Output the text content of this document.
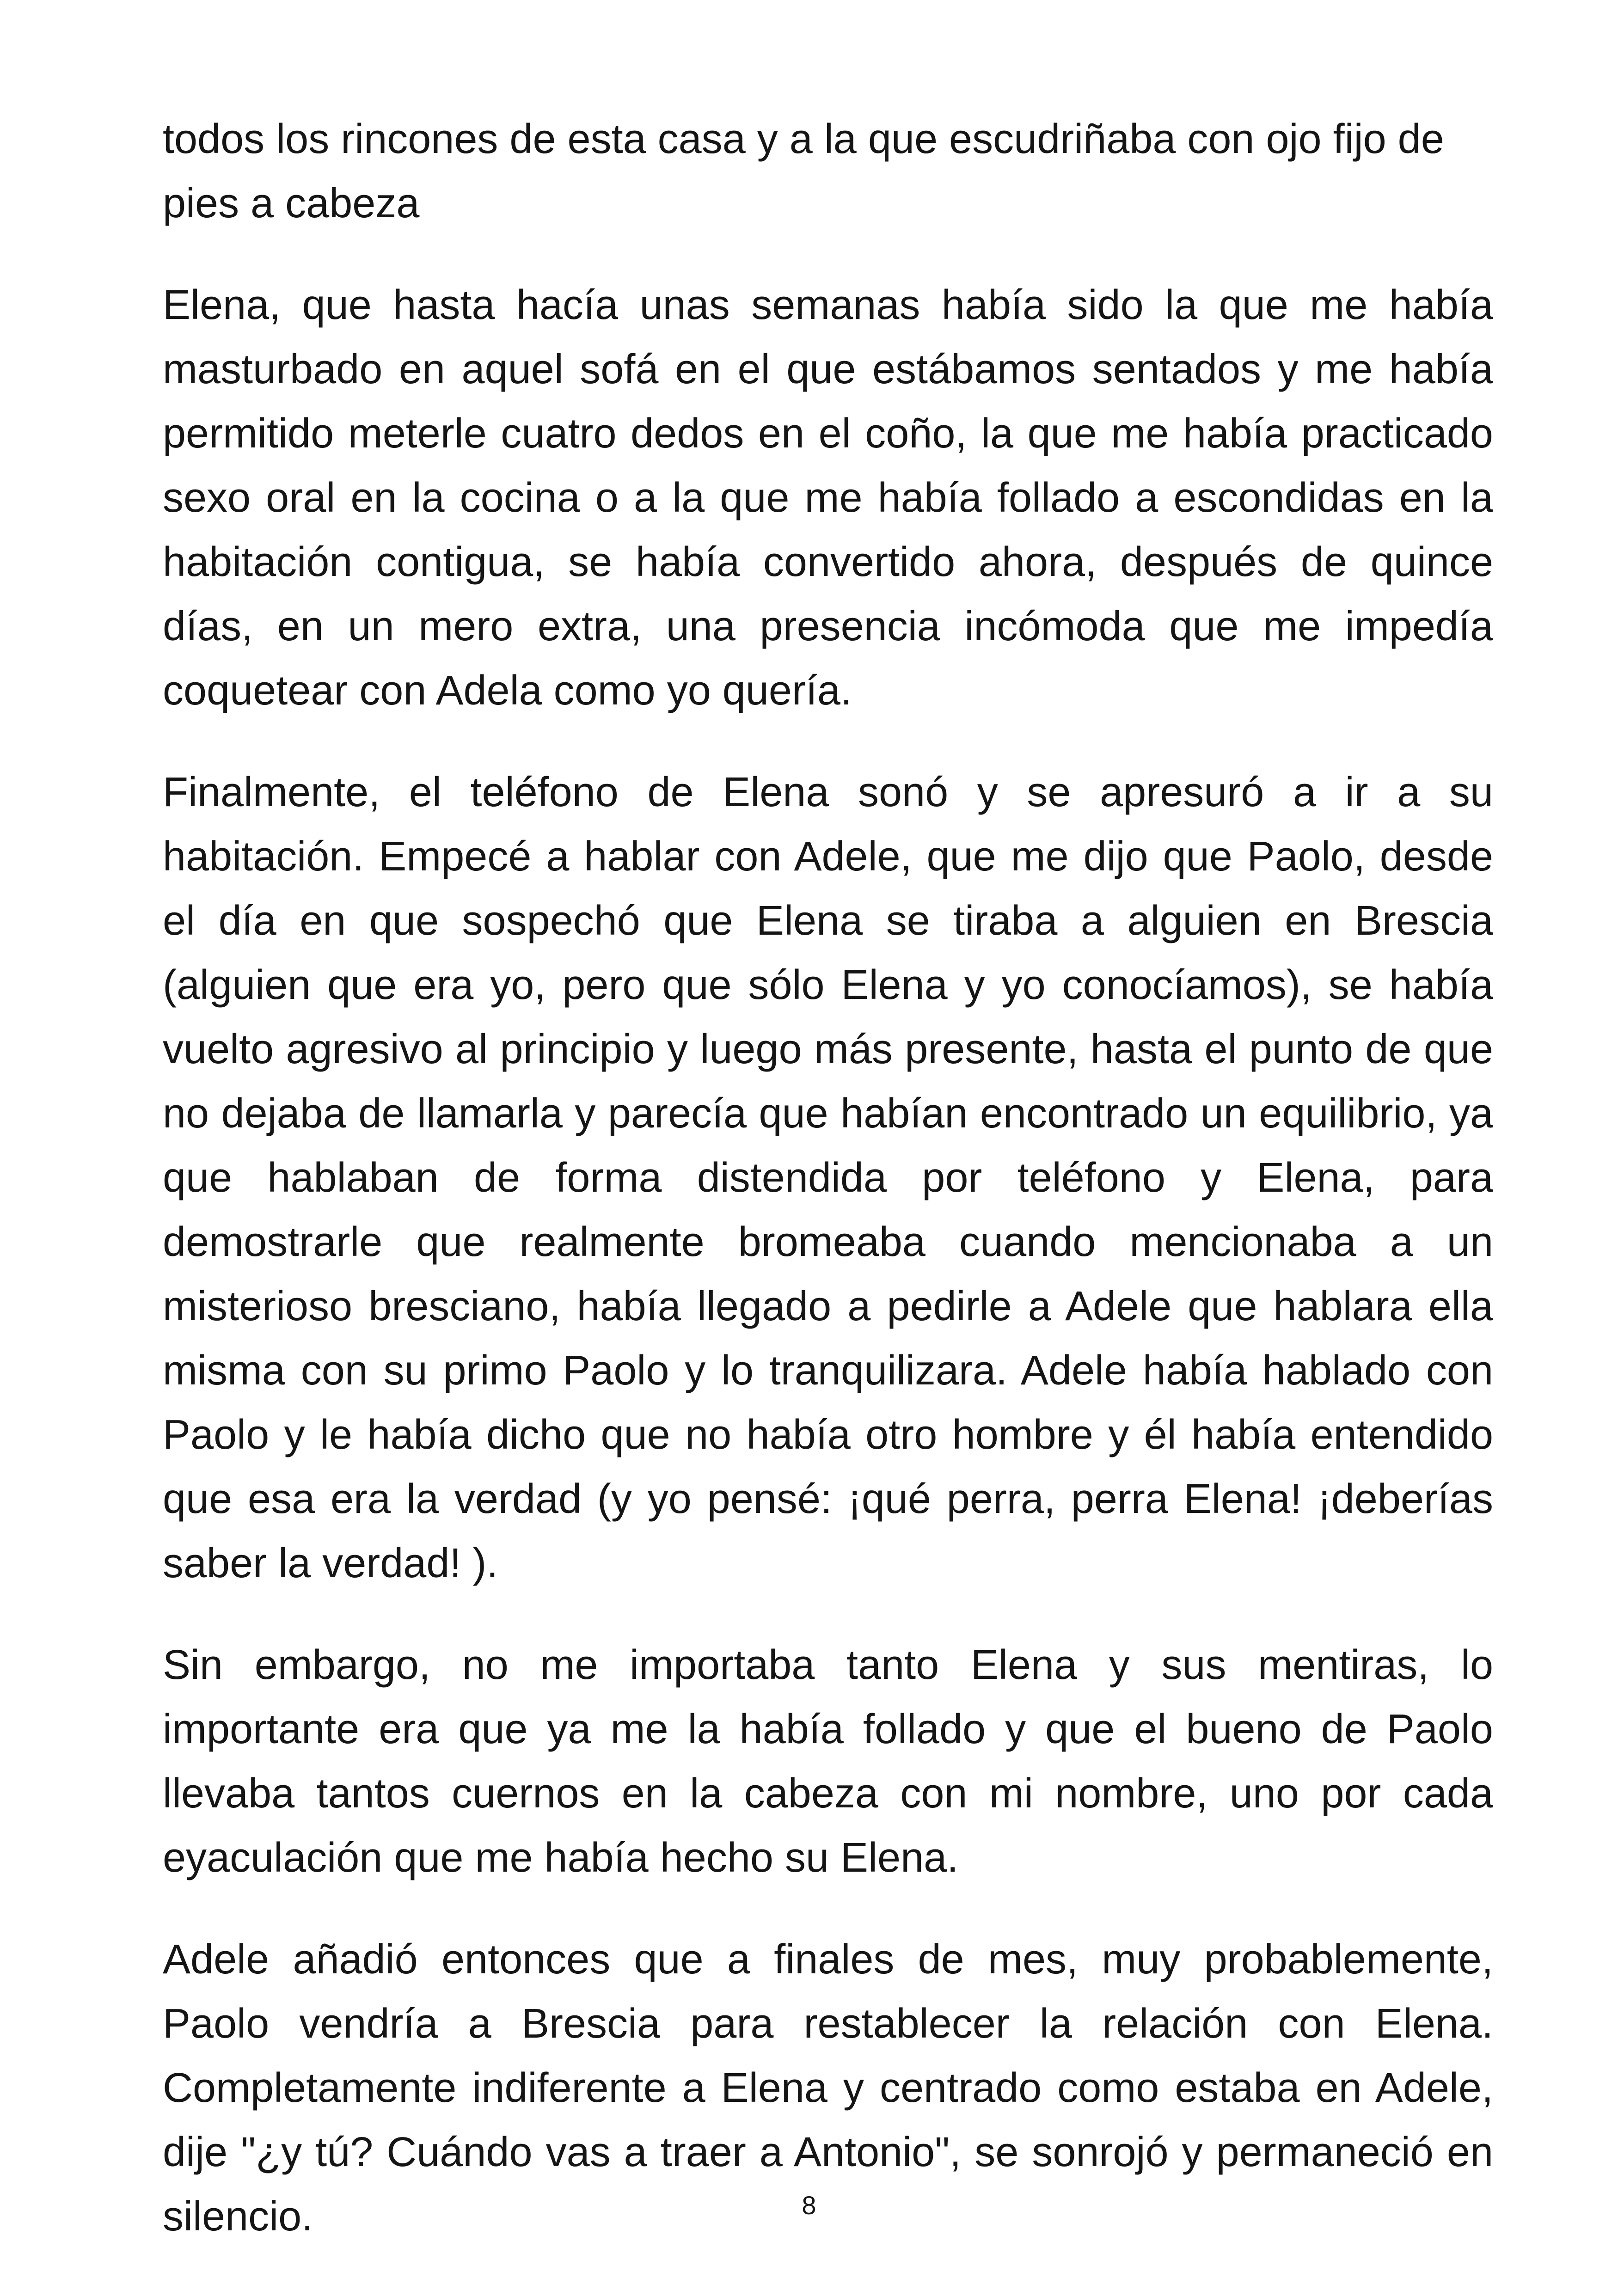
todos los rincones de esta casa y a la que escudriñaba con ojo fijo de pies a cabeza

Elena, que hasta hacía unas semanas había sido la que me había masturbado en aquel sofá en el que estábamos sentados y me había permitido meterle cuatro dedos en el coño, la que me había practicado sexo oral en la cocina o a la que me había follado a escondidas en la habitación contigua, se había convertido ahora, después de quince días, en un mero extra, una presencia incómoda que me impedía coquetear con Adela como yo quería.

Finalmente, el teléfono de Elena sonó y se apresuró a ir a su habitación. Empecé a hablar con Adele, que me dijo que Paolo, desde el día en que sospechó que Elena se tiraba a alguien en Brescia (alguien que era yo, pero que sólo Elena y yo conocíamos), se había vuelto agresivo al principio y luego más presente, hasta el punto de que no dejaba de llamarla y parecía que habían encontrado un equilibrio, ya que hablaban de forma distendida por teléfono y Elena, para demostrarle que realmente bromeaba cuando mencionaba a un misterioso bresciano, había llegado a pedirle a Adele que hablara ella misma con su primo Paolo y lo tranquilizara. Adele había hablado con Paolo y le había dicho que no había otro hombre y él había entendido que esa era la verdad (y yo pensé: ¡qué perra, perra Elena! ¡deberías saber la verdad! ).

Sin embargo, no me importaba tanto Elena y sus mentiras, lo importante era que ya me la había follado y que el bueno de Paolo llevaba tantos cuernos en la cabeza con mi nombre, uno por cada eyaculación que me había hecho su Elena.

Adele añadió entonces que a finales de mes, muy probablemente, Paolo vendría a Brescia para restablecer la relación con Elena. Completamente indiferente a Elena y centrado como estaba en Adele, dije "¿y tú? Cuándo vas a traer a Antonio", se sonrojó y permaneció en silencio.	8
